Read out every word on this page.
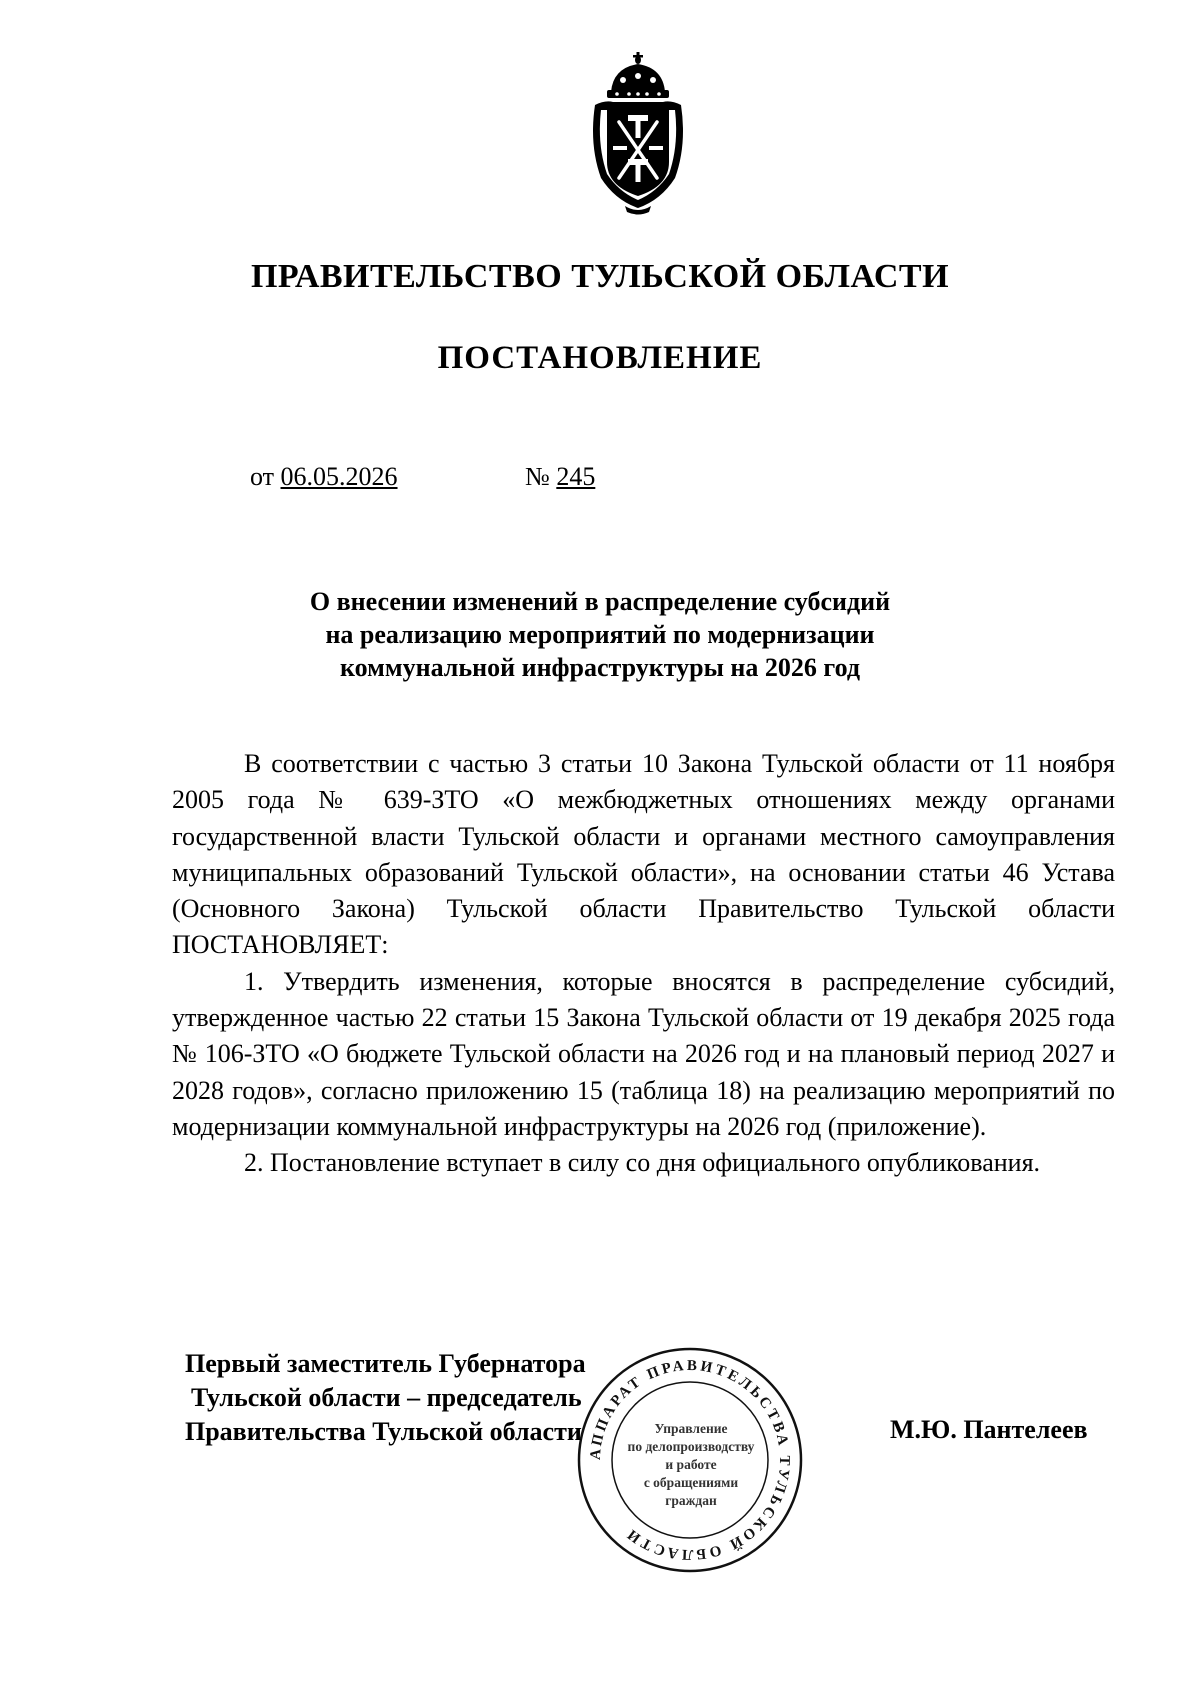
ПРАВИТЕЛЬСТВО ТУЛЬСКОЙ ОБЛАСТИ
ПОСТАНОВЛЕНИЕ
от 06.05.2026	№ 245
О внесении изменений в распределение субсидий
на реализацию мероприятий по модернизации
коммунальной инфраструктуры на 2026 год

В соответствии с частью 3 статьи 10 Закона Тульской области от 11 ноября 2005 года № 639-ЗТО «О межбюджетных отношениях между органами государственной власти Тульской области и органами местного самоуправления муниципальных образований Тульской области», на основании статьи 46 Устава (Основного Закона) Тульской области Правительство Тульской области ПОСТАНОВЛЯЕТ:

1. Утвердить изменения, которые вносятся в распределение субсидий, утвержденное частью 22 статьи 15 Закона Тульской области от 19 декабря 2025 года № 106-ЗТО «О бюджете Тульской области на 2026 год и на плановый период 2027 и 2028 годов», согласно приложению 15 (таблица 18) на реализацию мероприятий по модернизации коммунальной инфраструктуры на 2026 год (приложение).

2. Постановление вступает в силу со дня официального опубликования.

АППАРАТ ПРАВИТЕЛЬСТВА ТУЛЬСКОЙ ОБЛАСТИ
Управление
по делопроизводству
и работе
с обращениями
граждан
Первый заместитель Губернатора
Тульской области – председатель
Правительства Тульской области	М.Ю. Пантелеев
